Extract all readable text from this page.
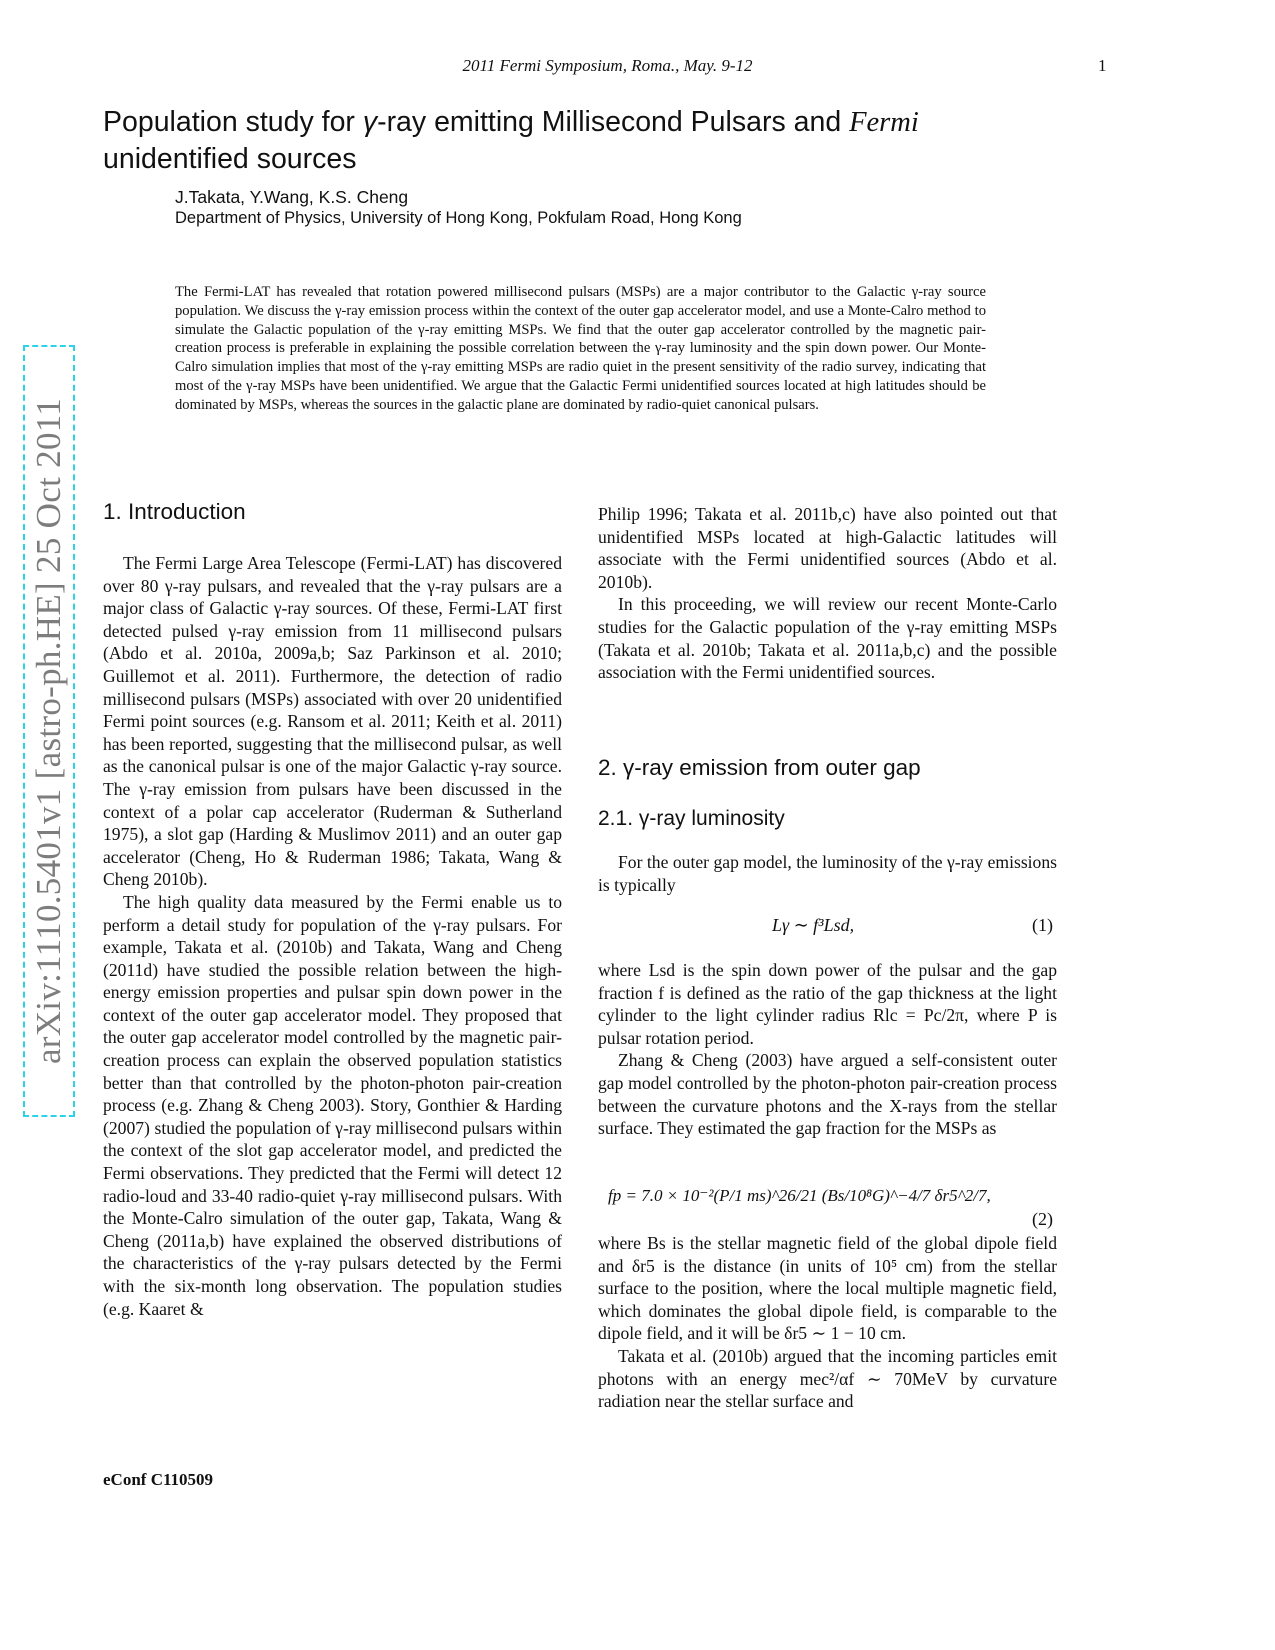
arXiv:1110.5401v1 [astro-ph.HE] 25 Oct 2011
2011 Fermi Symposium, Roma., May. 9-12	1
Population study for γ-ray emitting Millisecond Pulsars and Fermi
unidentified sources
J.Takata, Y.Wang, K.S. Cheng
Department of Physics, University of Hong Kong, Pokfulam Road, Hong Kong
The Fermi-LAT has revealed that rotation powered millisecond pulsars (MSPs) are a major contributor to the Galactic γ-ray source population. We discuss the γ-ray emission process within the context of the outer gap accelerator model, and use a Monte-Calro method to simulate the Galactic population of the γ-ray emitting MSPs. We find that the outer gap accelerator controlled by the magnetic pair-creation process is preferable in explaining the possible correlation between the γ-ray luminosity and the spin down power. Our Monte-Calro simulation implies that most of the γ-ray emitting MSPs are radio quiet in the present sensitivity of the radio survey, indicating that most of the γ-ray MSPs have been unidentified. We argue that the Galactic Fermi unidentified sources located at high latitudes should be dominated by MSPs, whereas the sources in the galactic plane are dominated by radio-quiet canonical pulsars.
1. Introduction

The Fermi Large Area Telescope (Fermi-LAT) has discovered over 80 γ-ray pulsars, and revealed that the γ-ray pulsars are a major class of Galactic γ-ray sources. Of these, Fermi-LAT first detected pulsed γ-ray emission from 11 millisecond pulsars (Abdo et al. 2010a, 2009a,b; Saz Parkinson et al. 2010; Guillemot et al. 2011). Furthermore, the detection of radio millisecond pulsars (MSPs) associated with over 20 unidentified Fermi point sources (e.g. Ransom et al. 2011; Keith et al. 2011) has been reported, suggesting that the millisecond pulsar, as well as the canonical pulsar is one of the major Galactic γ-ray source. The γ-ray emission from pulsars have been discussed in the context of a polar cap accelerator (Ruderman & Sutherland 1975), a slot gap (Harding & Muslimov 2011) and an outer gap accelerator (Cheng, Ho & Ruderman 1986; Takata, Wang & Cheng 2010b).

The high quality data measured by the Fermi enable us to perform a detail study for population of the γ-ray pulsars. For example, Takata et al. (2010b) and Takata, Wang and Cheng (2011d) have studied the possible relation between the high-energy emission properties and pulsar spin down power in the context of the outer gap accelerator model. They proposed that the outer gap accelerator model controlled by the magnetic pair-creation process can explain the observed population statistics better than that controlled by the photon-photon pair-creation process (e.g. Zhang & Cheng 2003). Story, Gonthier & Harding (2007) studied the population of γ-ray millisecond pulsars within the context of the slot gap accelerator model, and predicted the Fermi observations. They predicted that the Fermi will detect 12 radio-loud and 33-40 radio-quiet γ-ray millisecond pulsars. With the Monte-Calro simulation of the outer gap, Takata, Wang & Cheng (2011a,b) have explained the observed distributions of the characteristics of the γ-ray pulsars detected by the Fermi with the six-month long observation. The population studies (e.g. Kaaret &

Philip 1996; Takata et al. 2011b,c) have also pointed out that unidentified MSPs located at high-Galactic latitudes will associate with the Fermi unidentified sources (Abdo et al. 2010b).

In this proceeding, we will review our recent Monte-Carlo studies for the Galactic population of the γ-ray emitting MSPs (Takata et al. 2010b; Takata et al. 2011a,b,c) and the possible association with the Fermi unidentified sources.

2. γ-ray emission from outer gap
2.1. γ-ray luminosity

For the outer gap model, the luminosity of the γ-ray emissions is typically

Lγ ∼ f³Lsd,	(1)

where Lsd is the spin down power of the pulsar and the gap fraction f is defined as the ratio of the gap thickness at the light cylinder to the light cylinder radius Rlc = Pc/2π, where P is pulsar rotation period.

Zhang & Cheng (2003) have argued a self-consistent outer gap model controlled by the photon-photon pair-creation process between the curvature photons and the X-rays from the stellar surface. They estimated the gap fraction for the MSPs as

fp = 7.0 × 10⁻²(P/1 ms)^26/21 (Bs/10⁸G)^−4/7 δr5^2/7,
(2)

where Bs is the stellar magnetic field of the global dipole field and δr5 is the distance (in units of 10⁵ cm) from the stellar surface to the position, where the local multiple magnetic field, which dominates the global dipole field, is comparable to the dipole field, and it will be δr5 ∼ 1 − 10 cm.

Takata et al. (2010b) argued that the incoming particles emit photons with an energy mec²/αf ∼ 70MeV by curvature radiation near the stellar surface and

eConf C110509
